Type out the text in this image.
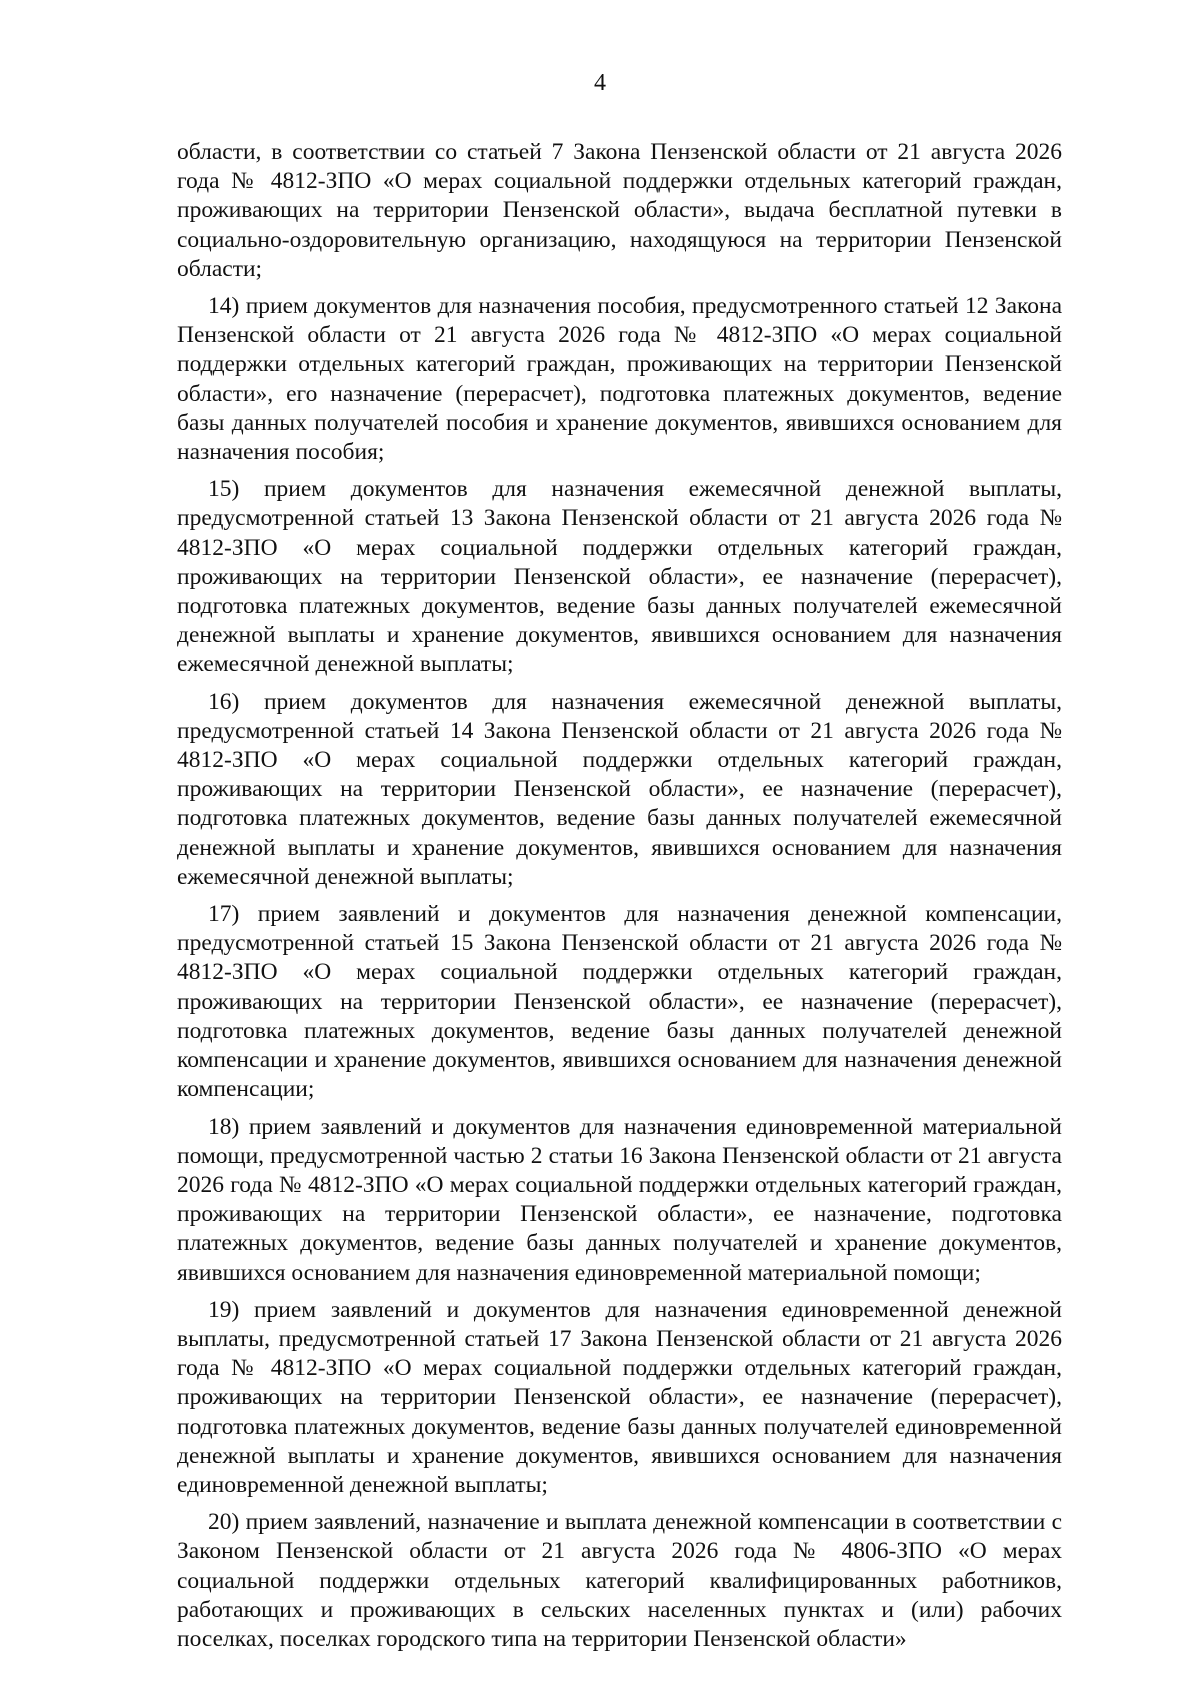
4

области, в соответствии со статьей 7 Закона Пензенской области от 21 августа 2026 года № 4812-ЗПО «О мерах социальной поддержки отдельных категорий граждан, проживающих на территории Пензенской области», выдача бесплатной путевки в социально-оздоровительную организацию, находящуюся на территории Пензенской области;

14) прием документов для назначения пособия, предусмотренного статьей 12 Закона Пензенской области от 21 августа 2026 года № 4812-ЗПО «О мерах социальной поддержки отдельных категорий граждан, проживающих на территории Пензенской области», его назначение (перерасчет), подготовка платежных документов, ведение базы данных получателей пособия и хранение документов, явившихся основанием для назначения пособия;

15) прием документов для назначения ежемесячной денежной выплаты, предусмотренной статьей 13 Закона Пензенской области от 21 августа 2026 года № 4812-ЗПО «О мерах социальной поддержки отдельных категорий граждан, проживающих на территории Пензенской области», ее назначение (перерасчет), подготовка платежных документов, ведение базы данных получателей ежемесячной денежной выплаты и хранение документов, явившихся основанием для назначения ежемесячной денежной выплаты;

16) прием документов для назначения ежемесячной денежной выплаты, предусмотренной статьей 14 Закона Пензенской области от 21 августа 2026 года № 4812-ЗПО «О мерах социальной поддержки отдельных категорий граждан, проживающих на территории Пензенской области», ее назначение (перерасчет), подготовка платежных документов, ведение базы данных получателей ежемесячной денежной выплаты и хранение документов, явившихся основанием для назначения ежемесячной денежной выплаты;

17) прием заявлений и документов для назначения денежной компенсации, предусмотренной статьей 15 Закона Пензенской области от 21 августа 2026 года № 4812-ЗПО «О мерах социальной поддержки отдельных категорий граждан, проживающих на территории Пензенской области», ее назначение (перерасчет), подготовка платежных документов, ведение базы данных получателей денежной компенсации и хранение документов, явившихся основанием для назначения денежной компенсации;

18) прием заявлений и документов для назначения единовременной материальной помощи, предусмотренной частью 2 статьи 16 Закона Пензенской области от 21 августа 2026 года № 4812-ЗПО «О мерах социальной поддержки отдельных категорий граждан, проживающих на территории Пензенской области», ее назначение, подготовка платежных документов, ведение базы данных получателей и хранение документов, явившихся основанием для назначения единовременной материальной помощи;

19) прием заявлений и документов для назначения единовременной денежной выплаты, предусмотренной статьей 17 Закона Пензенской области от 21 августа 2026 года № 4812-ЗПО «О мерах социальной поддержки отдельных категорий граждан, проживающих на территории Пензенской области», ее назначение (перерасчет), подготовка платежных документов, ведение базы данных получателей единовременной денежной выплаты и хранение документов, явившихся основанием для назначения единовременной денежной выплаты;

20) прием заявлений, назначение и выплата денежной компенсации в соответствии с Законом Пензенской области от 21 августа 2026 года № 4806-ЗПО «О мерах социальной поддержки отдельных категорий квалифицированных работников, работающих и проживающих в сельских населенных пунктах и (или) рабочих поселках, поселках городского типа на территории Пензенской области»
